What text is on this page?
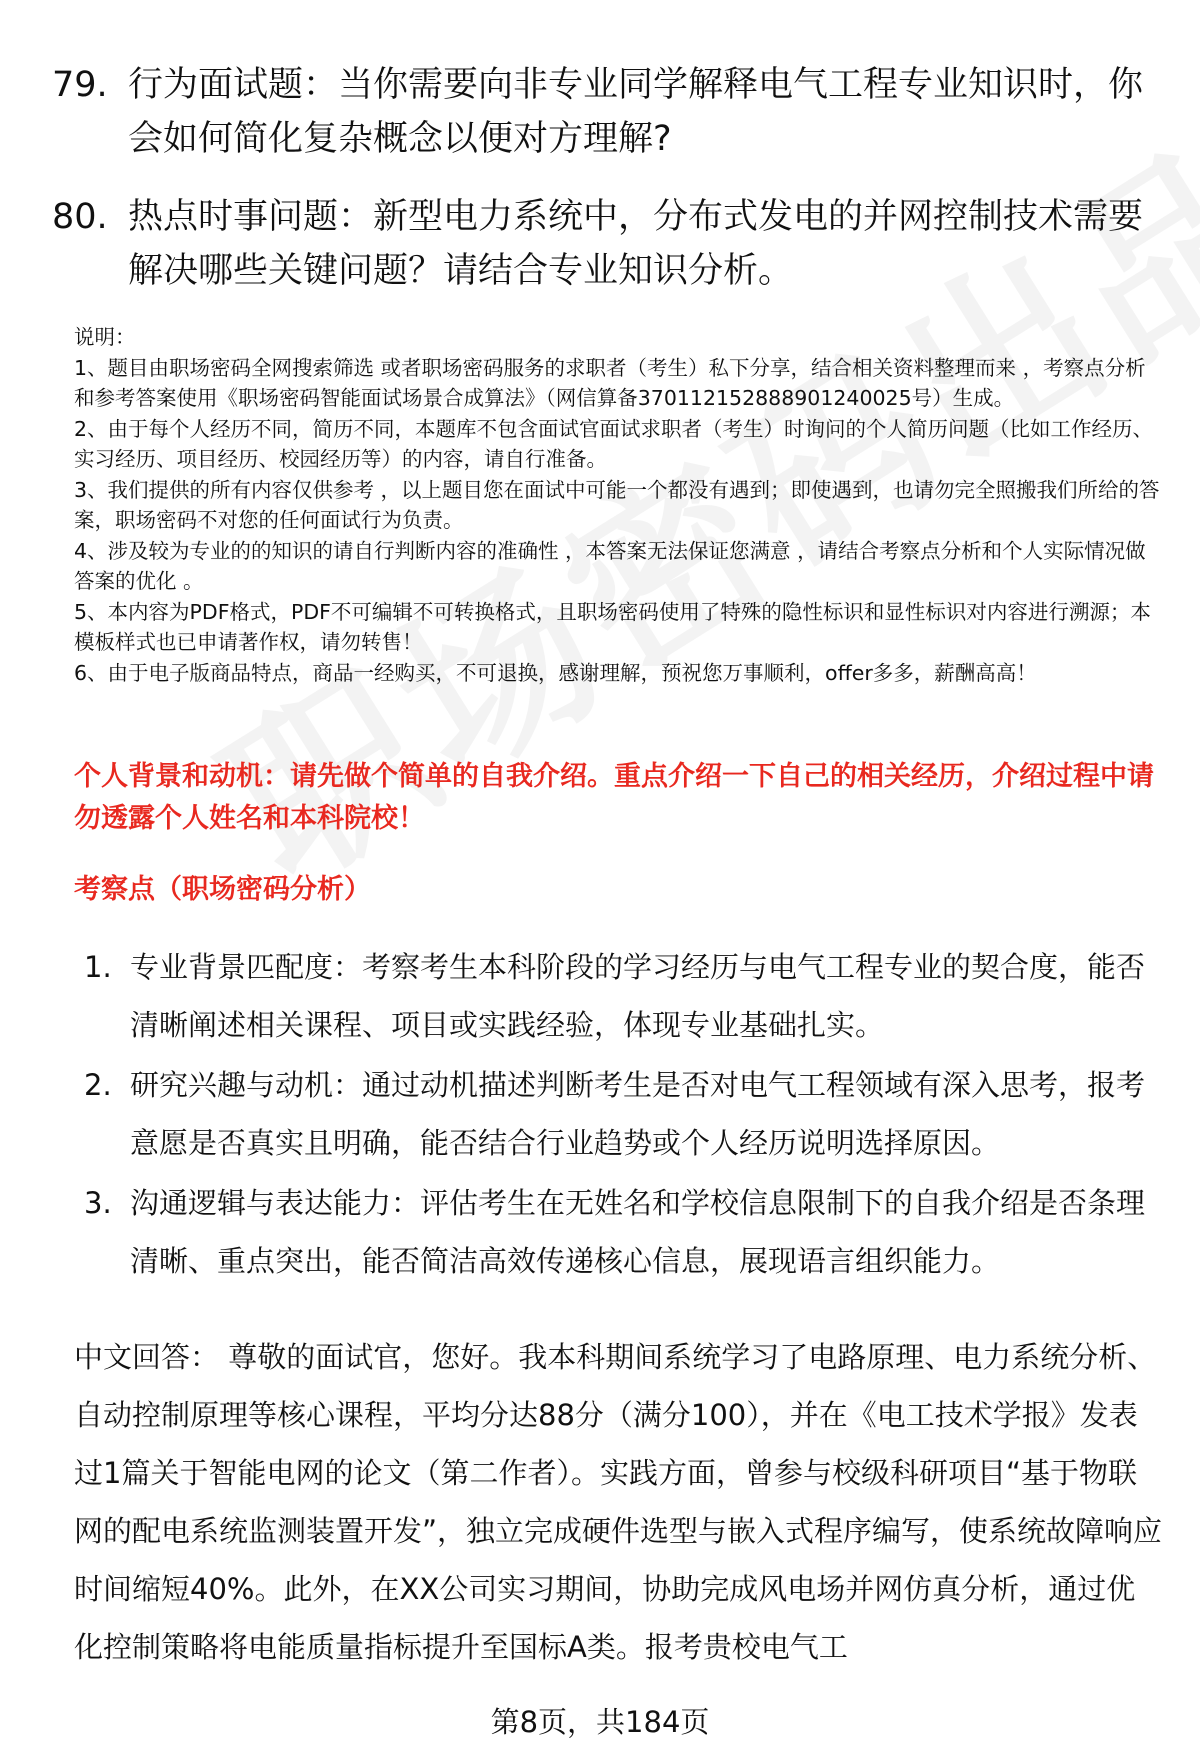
79. 行为面试题：当你需要向非专业同学解释电气工程专业知识时，你会如何简化复杂概念以便对方理解?
80. 热点时事问题：新型电力系统中，分布式发电的并网控制技术需要解决哪些关键问题？请结合专业知识分析。

说明：

1、题目由职场密码全网搜索筛选 或者职场密码服务的求职者（考生）私下分享，结合相关资料整理而来 ，考察点分析和参考答案使用《职场密码智能面试场景合成算法》（网信算备370112152888901240025号）生成。

2、由于每个人经历不同，简历不同，本题库不包含面试官面试求职者（考生）时询问的个人简历问题（比如工作经历、实习经历、项目经历、校园经历等）的内容，请自行准备。

3、我们提供的所有内容仅供参考 ，以上题目您在面试中可能一个都没有遇到；即使遇到，也请勿完全照搬我们所给的答案，职场密码不对您的任何面试行为负责。

4、涉及较为专业的的知识的请自行判断内容的准确性 ，本答案无法保证您满意 ，请结合考察点分析和个人实际情况做答案的优化 。

5、本内容为PDF格式，PDF不可编辑不可转换格式，且职场密码使用了特殊的隐性标识和显性标识对内容进行溯源；本模板样式也已申请著作权，请勿转售！

6、由于电子版商品特点，商品一经购买，不可退换，感谢理解，预祝您万事顺利，offer多多，薪酬高高！

个人背景和动机：请先做个简单的自我介绍。重点介绍一下自己的相关经历，介绍过程中请勿透露个人姓名和本科院校！
考察点（职场密码分析）
1. 专业背景匹配度：考察考生本科阶段的学习经历与电气工程专业的契合度，能否清晰阐述相关课程、项目或实践经验，体现专业基础扎实。
2. 研究兴趣与动机：通过动机描述判断考生是否对电气工程领域有深入思考，报考意愿是否真实且明确，能否结合行业趋势或个人经历说明选择原因。
3. 沟通逻辑与表达能力：评估考生在无姓名和学校信息限制下的自我介绍是否条理清晰、重点突出，能否简洁高效传递核心信息，展现语言组织能力。
中文回答： 尊敬的面试官，您好。我本科期间系统学习了电路原理、电力系统分析、自动控制原理等核心课程，平均分达88分（满分100），并在《电工技术学报》发表过1篇关于智能电网的论文（第二作者）。实践方面，曾参与校级科研项目“基于物联网的配电系统监测装置开发”，独立完成硬件选型与嵌入式程序编写，使系统故障响应时间缩短40%。此外，在XX公司实习期间，协助完成风电场并网仿真分析，通过优化控制策略将电能质量指标提升至国标A类。报考贵校电气工
第8页，共184页
